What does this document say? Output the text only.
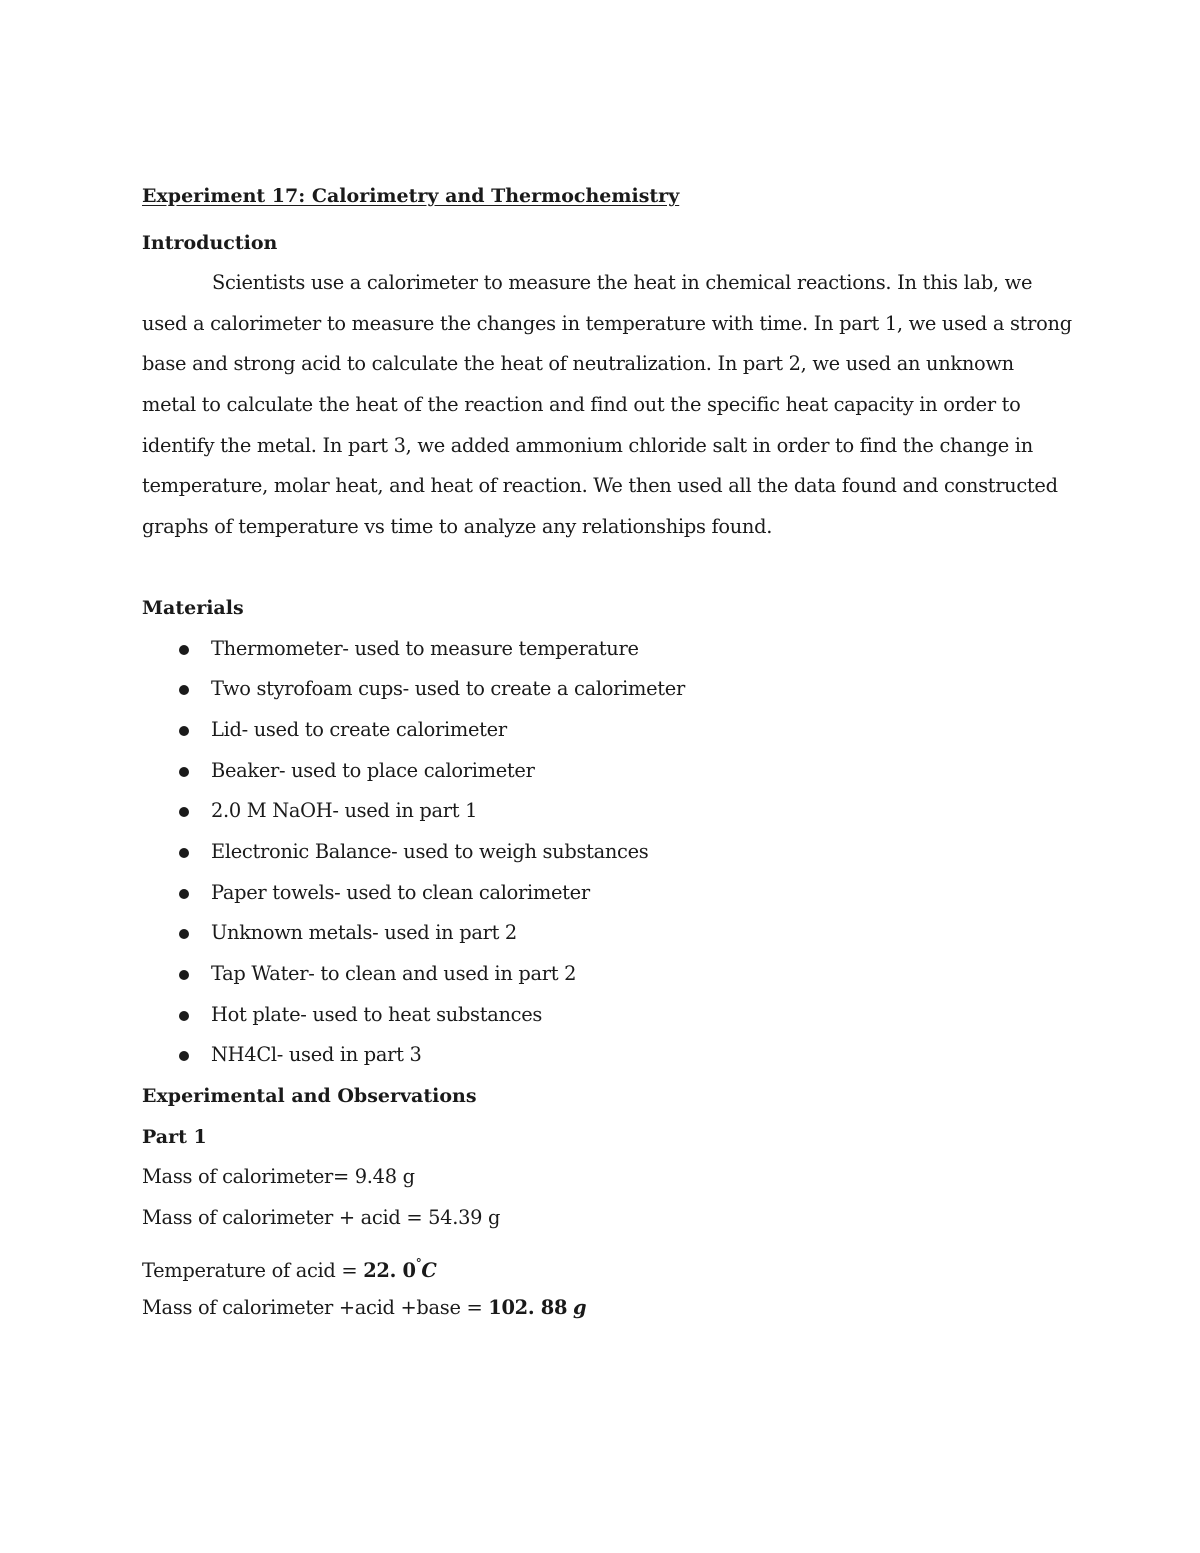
Experiment 17: Calorimetry and Thermochemistry

Introduction

Scientists use a calorimeter to measure the heat in chemical reactions. In this lab, we used a calorimeter to measure the changes in temperature with time. In part 1, we used a strong base and strong acid to calculate the heat of neutralization. In part 2, we used an unknown metal to calculate the heat of the reaction and find out the specific heat capacity in order to identify the metal. In part 3, we added ammonium chloride salt in order to find the change in temperature, molar heat, and heat of reaction. We then used all the data found and constructed graphs of temperature vs time to analyze any relationships found.

Materials

Thermometer- used to measure temperature
Two styrofoam cups- used to create a calorimeter
Lid- used to create calorimeter
Beaker- used to place calorimeter
2.0 M NaOH- used in part 1
Electronic Balance- used to weigh substances
Paper towels- used to clean calorimeter
Unknown metals- used in part 2
Tap Water- to clean and used in part 2
Hot plate- used to heat substances
NH4Cl- used in part 3

Experimental and Observations

Part 1

Mass of calorimeter= 9.48 g

Mass of calorimeter + acid = 54.39 g

Temperature of acid = 22. 0°C

Mass of calorimeter +acid +base = 102. 88 g
